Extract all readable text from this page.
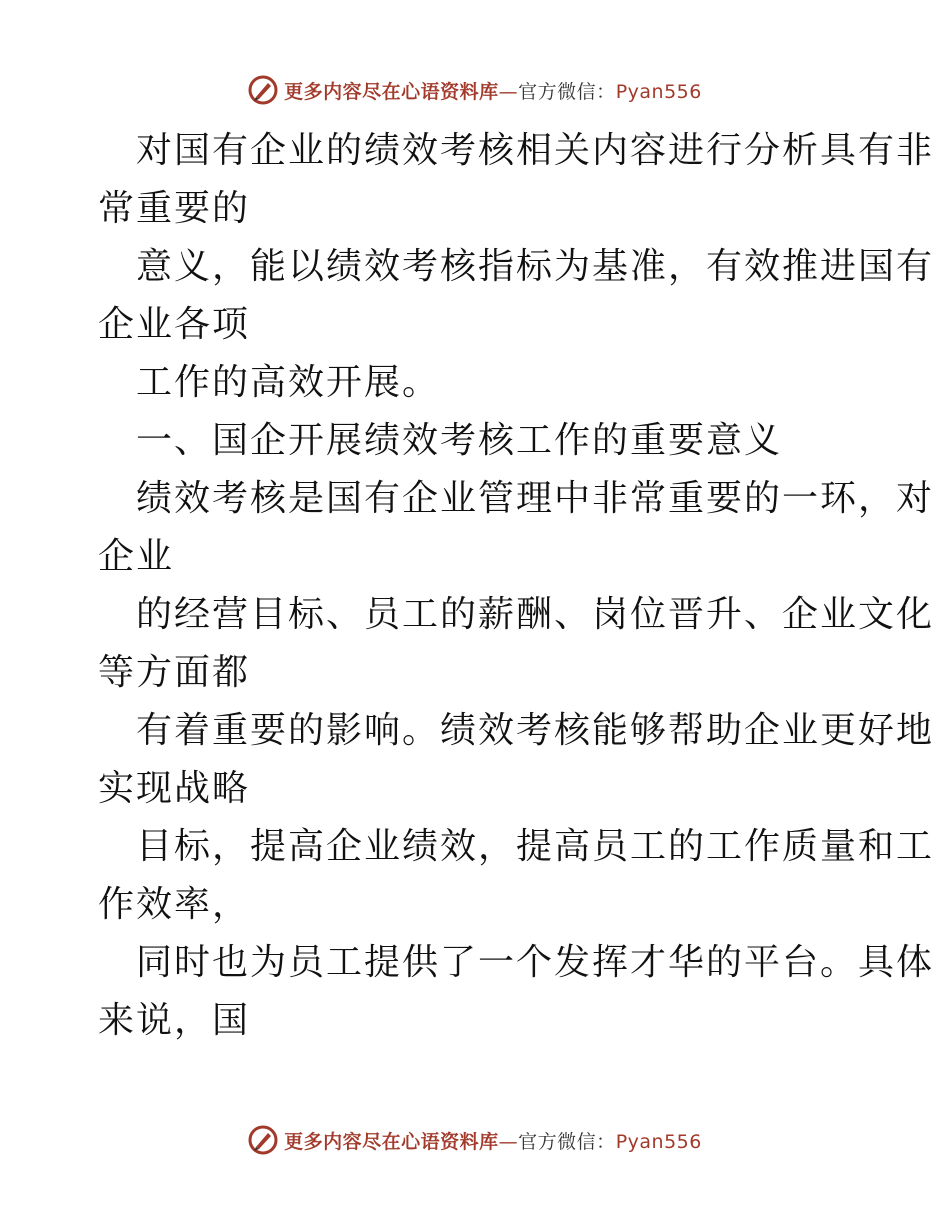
更多内容尽在心语资料库—官方微信：Pyan556
对国有企业的绩效考核相关内容进行分析具有非
常重要的
意义，能以绩效考核指标为基准，有效推进国有
企业各项
工作的高效开展。
一、国企开展绩效考核工作的重要意义
绩效考核是国有企业管理中非常重要的一环，对
企业
的经营目标、员工的薪酬、岗位晋升、企业文化
等方面都
有着重要的影响。绩效考核能够帮助企业更好地
实现战略
目标，提高企业绩效，提高员工的工作质量和工
作效率，
同时也为员工提供了一个发挥才华的平台。具体
来说，国
更多内容尽在心语资料库—官方微信：Pyan556
